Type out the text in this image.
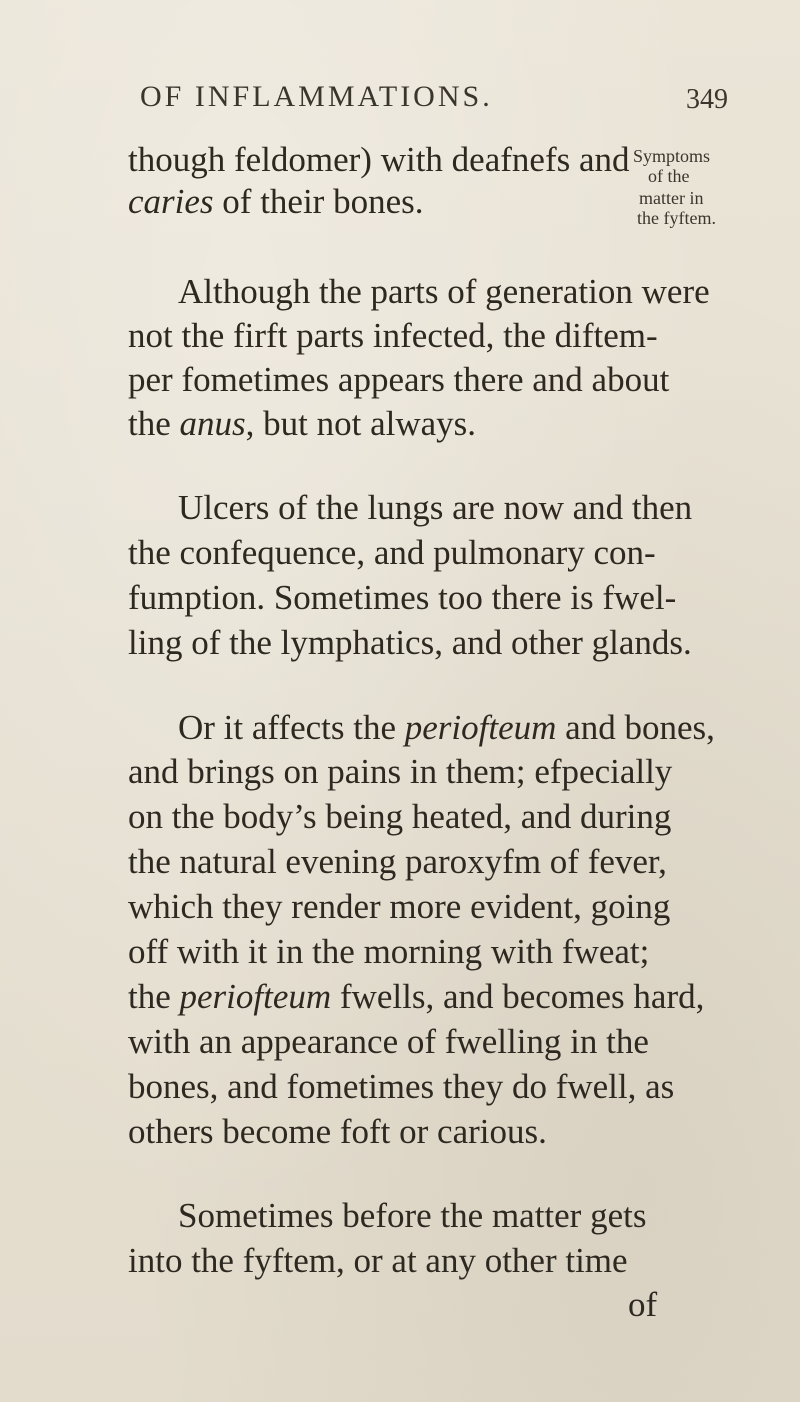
OF INFLAMMATIONS.	349
Symptoms
of the
matter in
the fyftem.
though feldomer) with deafnefs and
caries of their bones.
Although the parts of generation were
not the firft parts infected, the diftem-
per fometimes appears there and about
the anus, but not always.
Ulcers of the lungs are now and then
the confequence, and pulmonary con-
fumption. Sometimes too there is fwel-
ling of the lymphatics, and other glands.
Or it affects the periofteum and bones,
and brings on pains in them; efpecially
on the body’s being heated, and during
the natural evening paroxyfm of fever,
which they render more evident, going
off with it in the morning with fweat;
the periofteum fwells, and becomes hard,
with an appearance of fwelling in the
bones, and fometimes they do fwell, as
others become foft or carious.
Sometimes before the matter gets
into the fyftem, or at any other time
of
